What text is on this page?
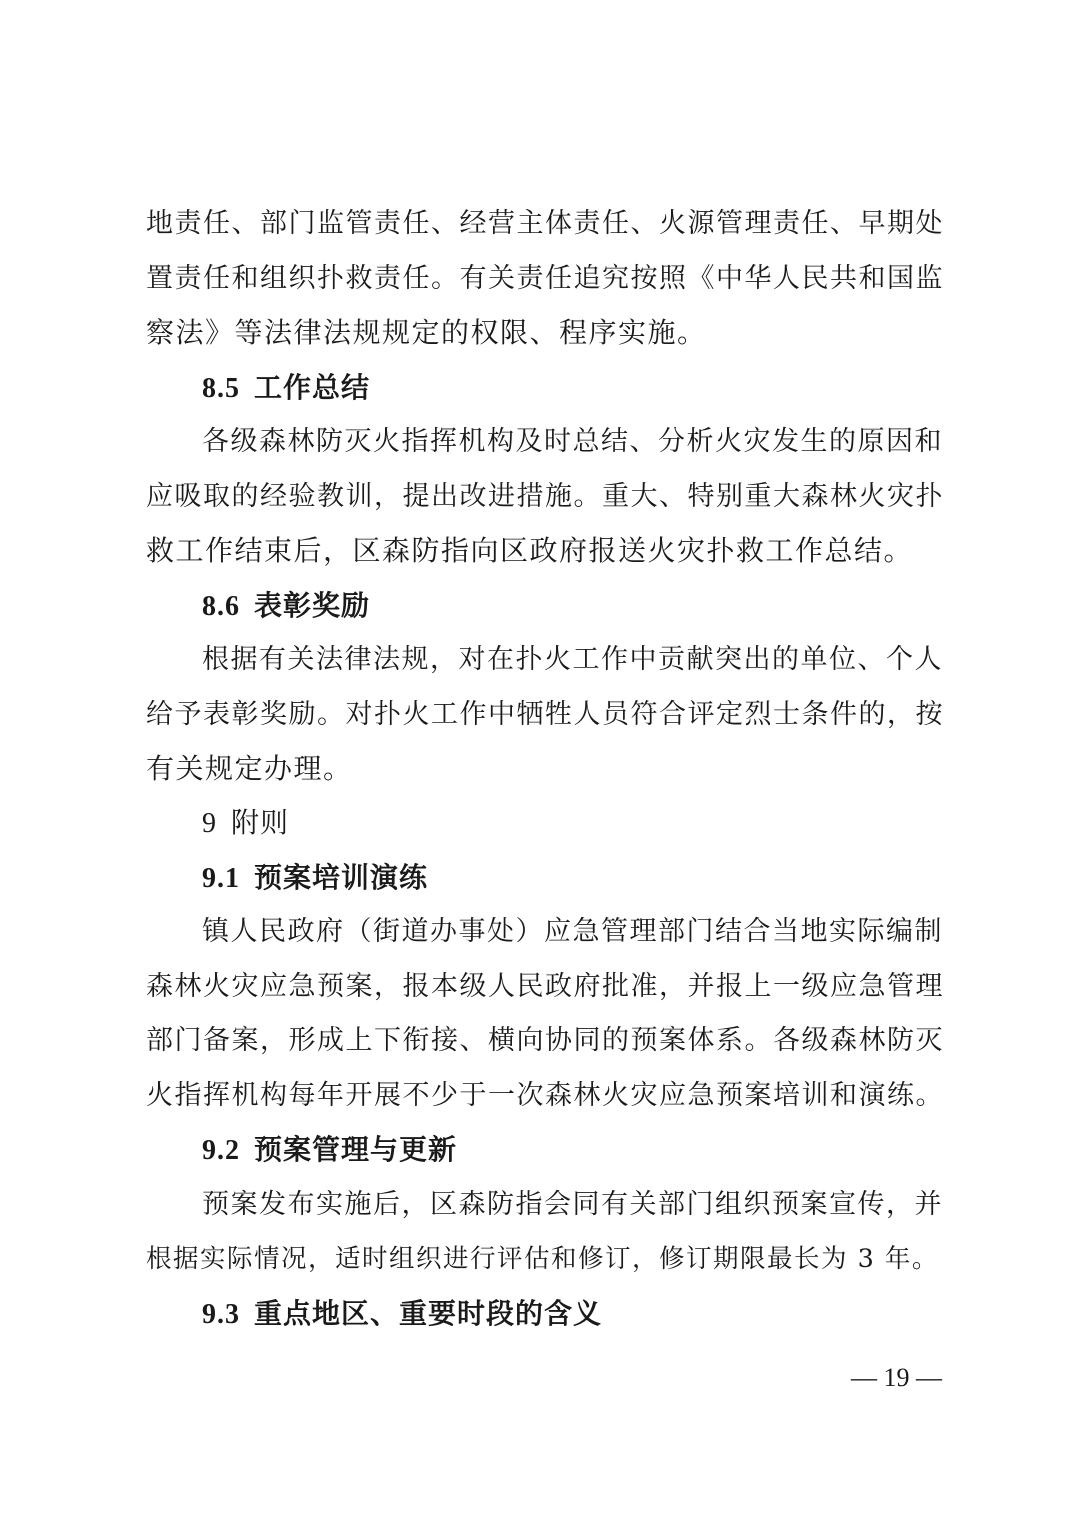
地责任、部门监管责任、经营主体责任、火源管理责任、早期处
置责任和组织扑救责任。有关责任追究按照《中华人民共和国监
察法》等法律法规规定的权限、程序实施。
8.5 工作总结
各级森林防灭火指挥机构及时总结、分析火灾发生的原因和
应吸取的经验教训，提出改进措施。重大、特别重大森林火灾扑
救工作结束后，区森防指向区政府报送火灾扑救工作总结。
8.6 表彰奖励
根据有关法律法规，对在扑火工作中贡献突出的单位、个人
给予表彰奖励。对扑火工作中牺牲人员符合评定烈士条件的，按
有关规定办理。
9 附则
9.1 预案培训演练
镇人民政府（街道办事处）应急管理部门结合当地实际编制
森林火灾应急预案，报本级人民政府批准，并报上一级应急管理
部门备案，形成上下衔接、横向协同的预案体系。各级森林防灭
火指挥机构每年开展不少于一次森林火灾应急预案培训和演练。
9.2 预案管理与更新
预案发布实施后，区森防指会同有关部门组织预案宣传，并
根据实际情况，适时组织进行评估和修订，修订期限最长为 3 年。
9.3 重点地区、重要时段的含义
— 19 —
